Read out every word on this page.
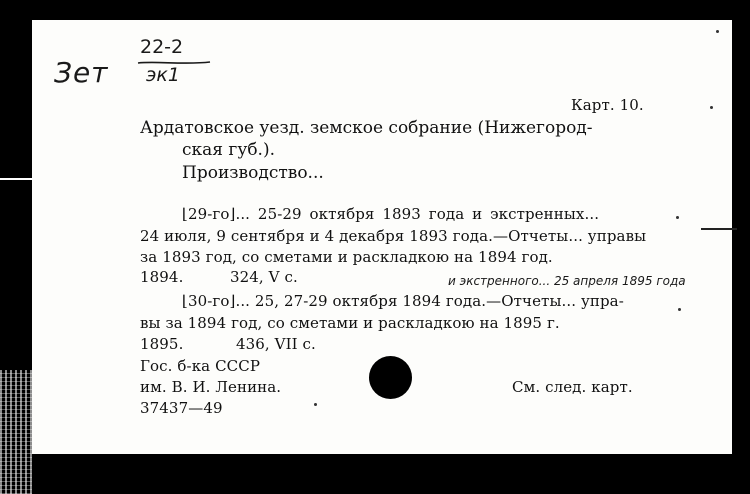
Зет
22-2
эк1
Карт. 10.
Ардатовское уезд. земское собрание (Нижегород-
ская губ.).
Производство...
⌊29-го⌋... 25-29 октября 1893 года и экстренных...
24 июля, 9 сентября и 4 декабря 1893 года.—Отчеты... управы
за 1893 год, со сметами и раскладкою на 1894 год.
1894.	324, V с.	и экстренного... 25 апреля 1895 года
⌊30-го⌋... 25, 27-29 октября 1894 года.—Отчеты... упра-
вы за 1894 год, со сметами и раскладкою на 1895 г.
1895.	436, VII с.
Гос. б-ка СССР
им. В. И. Ленина.
37437—49
См. след. карт.
